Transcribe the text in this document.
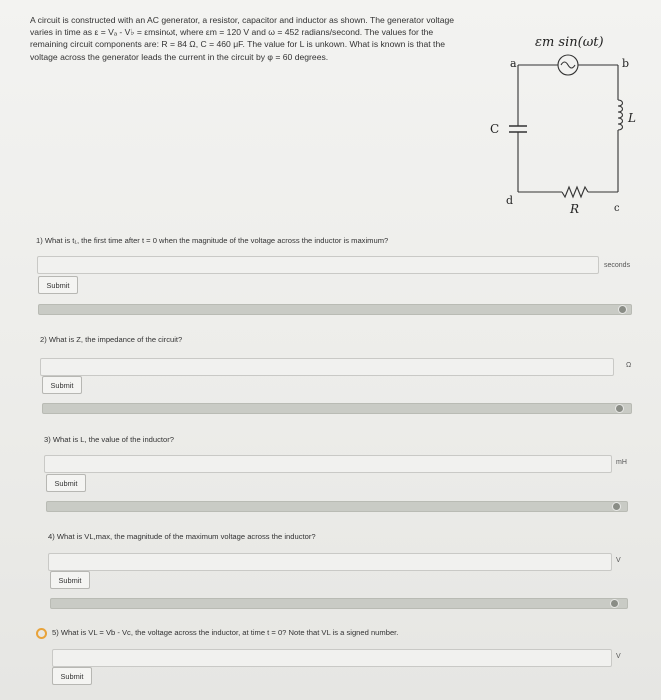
A circuit is constructed with an AC generator, a resistor, capacitor and inductor as shown. The generator voltage
varies in time as ε = Vₐ - V♭ = εmsinωt, where εm = 120 V and ω = 452 radians/second. The values for the
remaining circuit components are: R = 84 Ω, C = 460 μF. The value for L is unkown. What is known is that the
voltage across the generator leads the current in the circuit by φ = 60 degrees.
εm sin(ωt)
a	b
c
d
C
L
R
1) What is t₁, the first time after t = 0 when the magnitude of the voltage across the inductor is maximum?
seconds
Submit
2) What is Z, the impedance of the circuit?
Ω
Submit
3) What is L, the value of the inductor?
mH
Submit
4) What is VL,max, the magnitude of the maximum voltage across the inductor?
V
Submit
5) What is VL = Vb - Vc, the voltage across the inductor, at time t = 0? Note that VL is a signed number.
V
Submit
